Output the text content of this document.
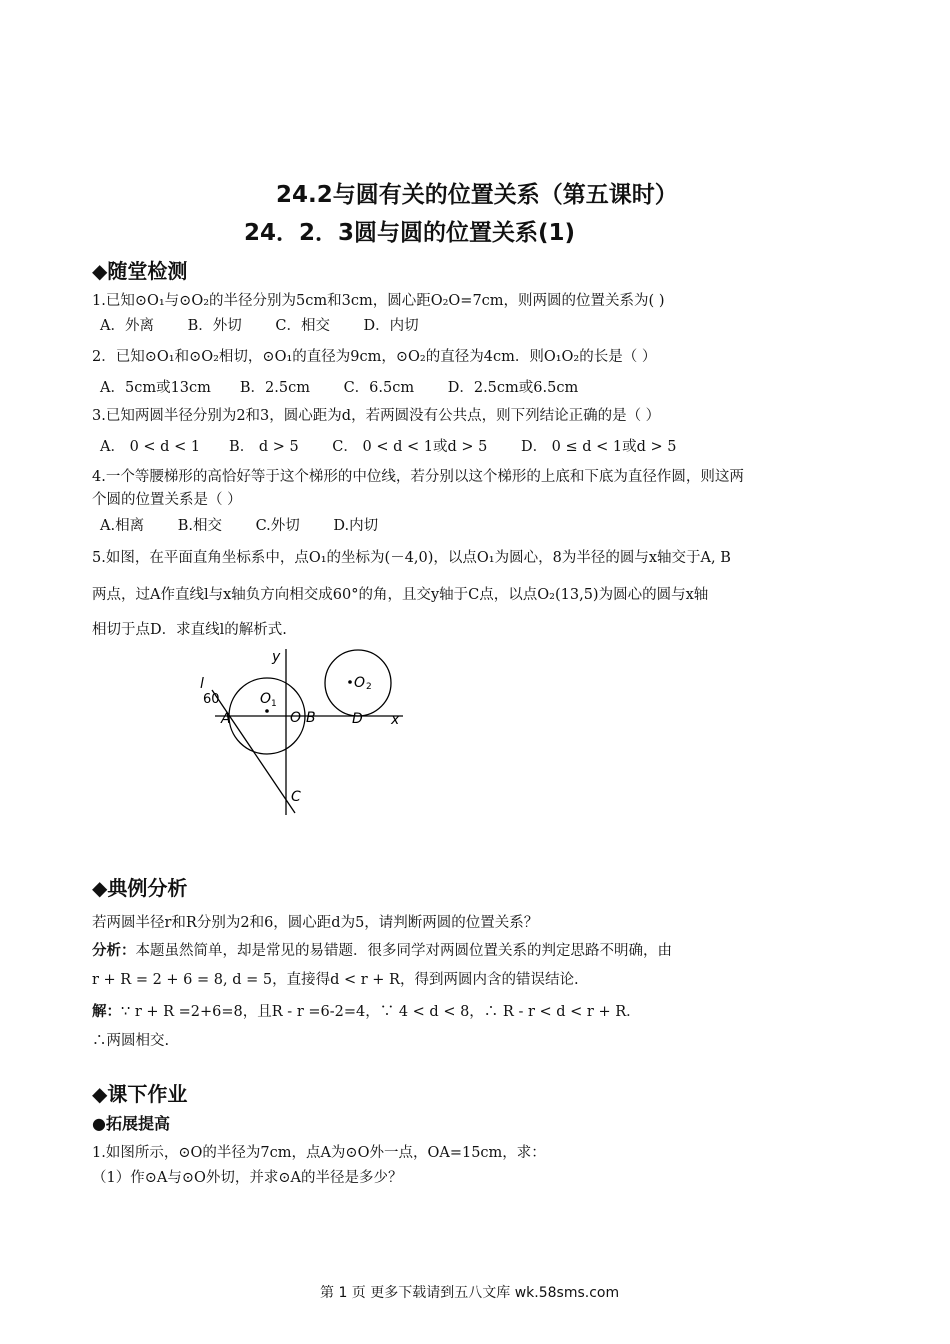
24.2与圆有关的位置关系（第五课时）
24．2．3圆与圆的位置关系(1)
◆随堂检测
1.已知⊙O₁与⊙O₂的半径分别为5cm和3cm，圆心距O₂O=7cm，则两圆的位置关系为( )
A．外离　　 B．外切　　 C．相交　　 D．内切
2．已知⊙O₁和⊙O₂相切，⊙O₁的直径为9cm，⊙O₂的直径为4cm．则O₁O₂的长是（ ）
A．5cm或13cm　　B．2.5cm　　 C．6.5cm　　 D．2.5cm或6.5cm
3.已知两圆半径分别为2和3，圆心距为d，若两圆没有公共点，则下列结论正确的是（ ）
A． 0 < d < 1　　B． d > 5　　 C． 0 < d < 1或d > 5　　 D． 0 ≤ d < 1或d > 5
4.一个等腰梯形的高恰好等于这个梯形的中位线，若分别以这个梯形的上底和下底为直径作圆，则这两
个圆的位置关系是（ ）
A.相离　　 B.相交　　 C.外切　　 D.内切
5.如图，在平面直角坐标系中，点O₁的坐标为(－4,0)，以点O₁为圆心，8为半径的圆与x轴交于A, B
两点，过A作直线l与x轴负方向相交成60°的角，且交y轴于C点，以点O₂(13,5)为圆心的圆与x轴
相切于点D．求直线l的解析式.
l
60
A
O 1
O B
y
O 2
D x
C
◆典例分析
若两圆半径r和R分别为2和6，圆心距d为5，请判断两圆的位置关系？
分析：本题虽然简单，却是常见的易错题．很多同学对两圆位置关系的判定思路不明确，由
r + R = 2 + 6 = 8, d = 5，直接得d < r + R，得到两圆内含的错误结论.
解：∵ r + R =2+6=8，且R - r =6-2=4，∵ 4 < d < 8，∴ R - r < d < r + R．
∴两圆相交.
◆课下作业
●拓展提高
1.如图所示，⊙O的半径为7cm，点A为⊙O外一点，OA=15cm，求：
（1）作⊙A与⊙O外切，并求⊙A的半径是多少？
第 1 页 更多下载请到五八文库 wk.58sms.com
